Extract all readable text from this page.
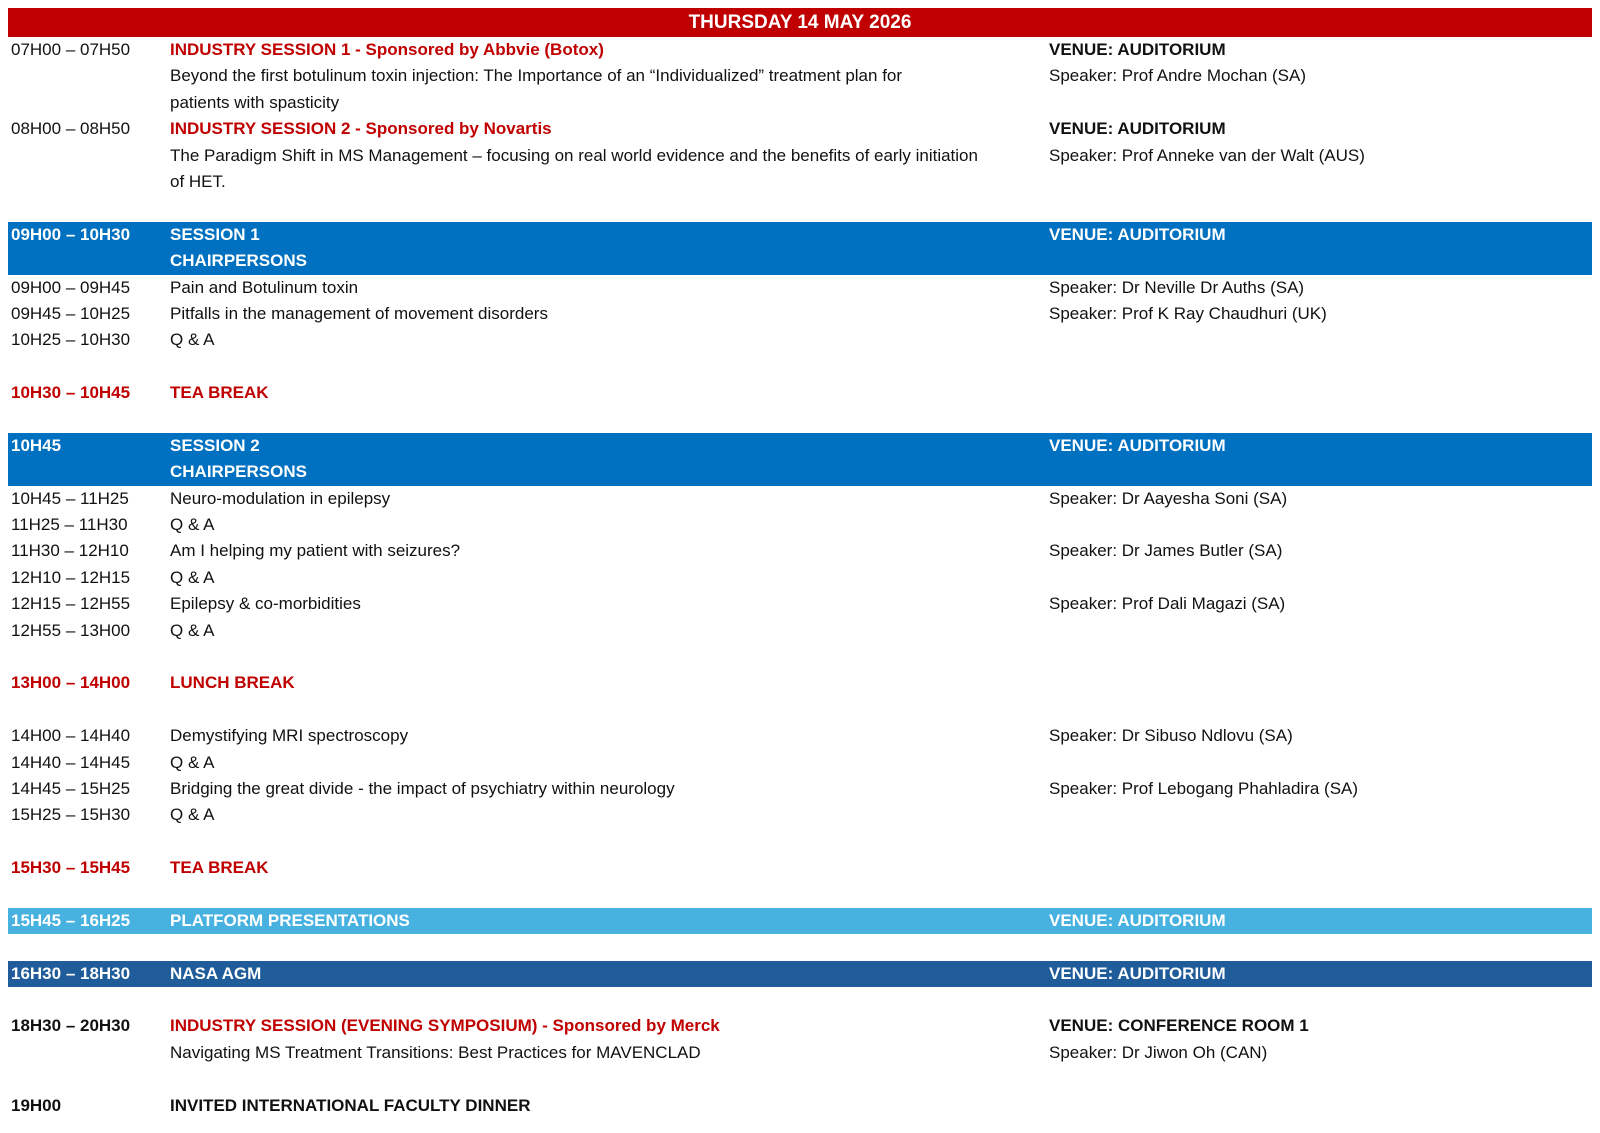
THURSDAY 14 MAY 2026
07H00 – 07H50 INDUSTRY SESSION 1 - Sponsored by Abbvie (Botox)	VENUE: AUDITORIUM
Beyond the first botulinum toxin injection: The Importance of an “Individualized” treatment plan for	Speaker: Prof Andre Mochan (SA)
patients with spasticity
08H00 – 08H50 INDUSTRY SESSION 2 - Sponsored by Novartis	VENUE: AUDITORIUM
The Paradigm Shift in MS Management – focusing on real world evidence and the benefits of early initiation	Speaker: Prof Anneke van der Walt (AUS)
of HET.
09H00 – 10H30 SESSION 1	VENUE: AUDITORIUM
CHAIRPERSONS
09H00 – 09H45 Pain and Botulinum toxin	Speaker: Dr Neville Dr Auths (SA)
09H45 – 10H25 Pitfalls in the management of movement disorders	Speaker: Prof K Ray Chaudhuri (UK)
10H25 – 10H30 Q & A
10H30 – 10H45 TEA BREAK
10H45	SESSION 2	VENUE: AUDITORIUM
CHAIRPERSONS
10H45 – 11H25 Neuro-modulation in epilepsy	Speaker: Dr Aayesha Soni (SA)
11H25 – 11H30 Q & A
11H30 – 12H10 Am I helping my patient with seizures?	Speaker: Dr James Butler (SA)
12H10 – 12H15 Q & A
12H15 – 12H55 Epilepsy & co-morbidities	Speaker: Prof Dali Magazi (SA)
12H55 – 13H00 Q & A
13H00 – 14H00 LUNCH BREAK
14H00 – 14H40 Demystifying MRI spectroscopy	Speaker: Dr Sibuso Ndlovu (SA)
14H40 – 14H45 Q & A
14H45 – 15H25 Bridging the great divide - the impact of psychiatry within neurology	Speaker: Prof Lebogang Phahladira (SA)
15H25 – 15H30 Q & A
15H30 – 15H45 TEA BREAK
15H45 – 16H25 PLATFORM PRESENTATIONS	VENUE: AUDITORIUM
16H30 – 18H30 NASA AGM	VENUE: AUDITORIUM
18H30 – 20H30 INDUSTRY SESSION (EVENING SYMPOSIUM) - Sponsored by Merck	VENUE: CONFERENCE ROOM 1
Navigating MS Treatment Transitions: Best Practices for MAVENCLAD	Speaker: Dr Jiwon Oh (CAN)
19H00	INVITED INTERNATIONAL FACULTY DINNER
